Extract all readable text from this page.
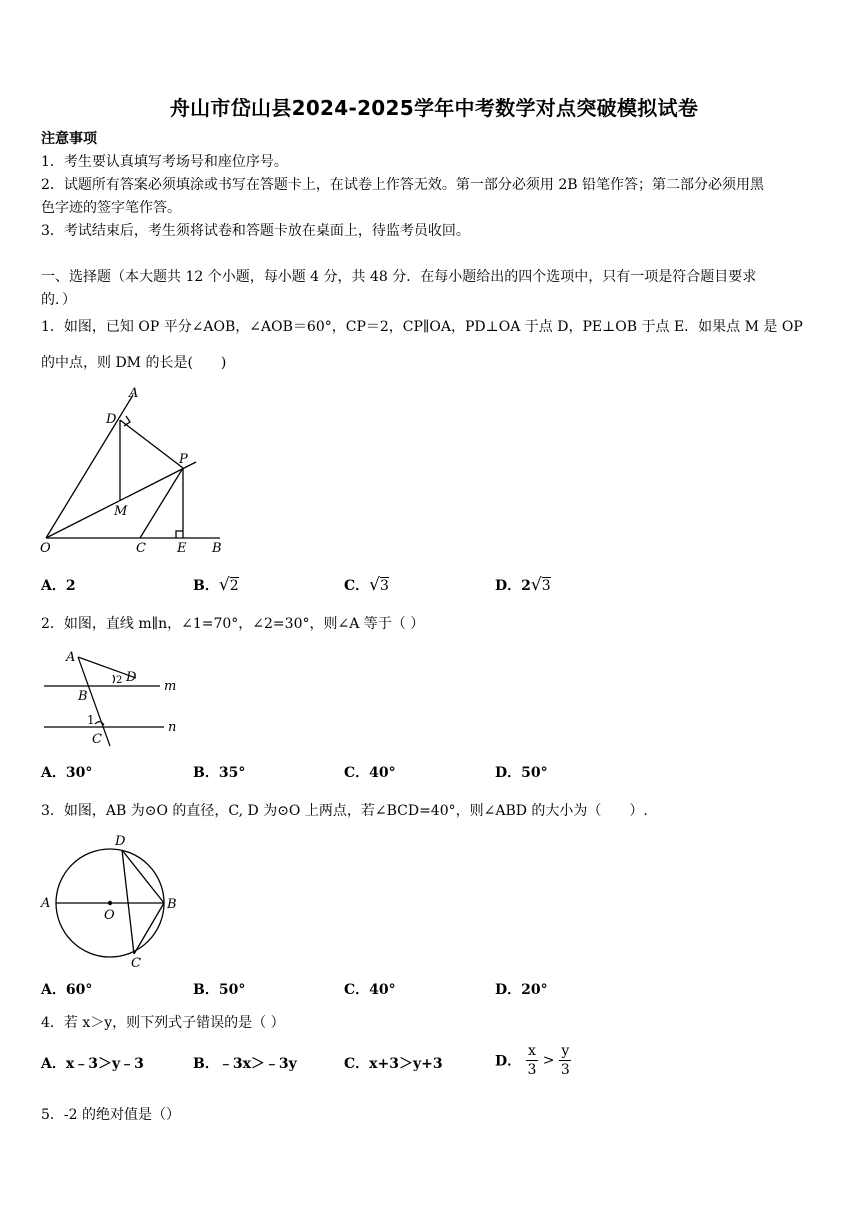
舟山市岱山县2024-2025学年中考数学对点突破模拟试卷
注意事项
1．考生要认真填写考场号和座位序号。
2．试题所有答案必须填涂或书写在答题卡上，在试卷上作答无效。第一部分必须用 2B 铅笔作答；第二部分必须用黑
色字迹的签字笔作答。
3．考试结束后，考生须将试卷和答题卡放在桌面上，待监考员收回。
一、选择题（本大题共 12 个小题，每小题 4 分，共 48 分．在每小题给出的四个选项中，只有一项是符合题目要求
的．）
1．如图，已知 OP 平分∠AOB，∠AOB＝60°，CP＝2，CP∥OA，PD⊥OA 于点 D，PE⊥OB 于点 E．如果点 M 是 OP
的中点，则 DM 的长是(　　)
A
D
P
M
O	C E B
A．2	B．√2	C．√3	D．2√3
2．如图，直线 m∥n，∠1=70°，∠2=30°，则∠A 等于（ ）
A
D
B
C
m
n
1
2
A．30°	B．35°	C．40°	D．50°
3．如图，AB 为⊙O 的直径，C, D 为⊙O 上两点，若∠BCD=40°，则∠ABD 的大小为（　　）.
A	B
D
C
O
A．60°	B．50°	C．40°	D．20°
4．若 x＞y，则下列式子错误的是（ ）
A．x﹣3＞y﹣3	B．﹣3x＞﹣3y	C．x+3＞y+3	D． $\frac{x}{3} > \frac{y}{3}$
5．-2 的绝对值是（）
